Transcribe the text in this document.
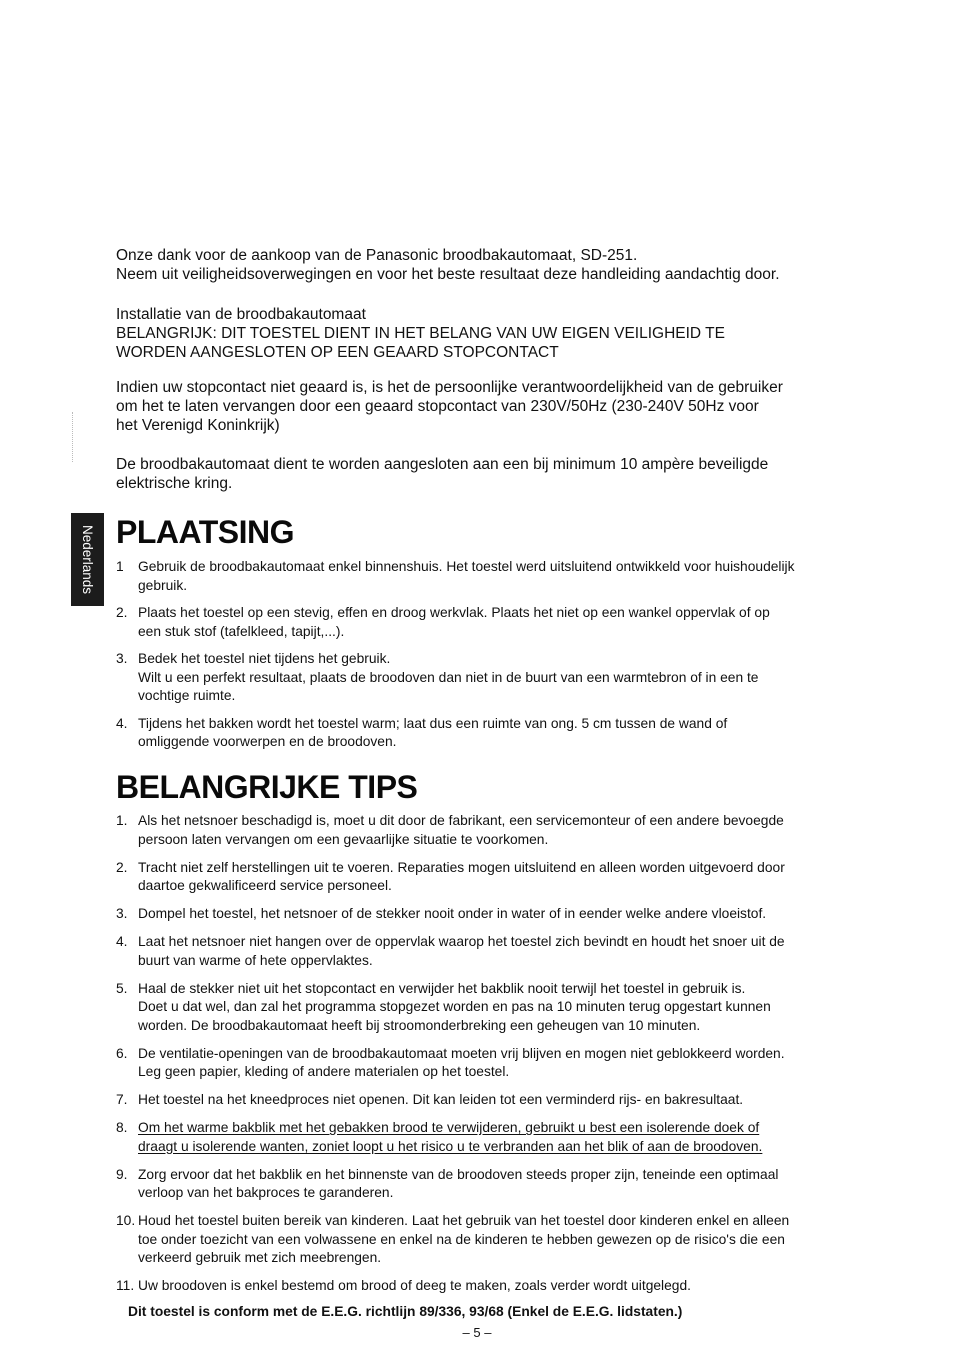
Onze dank voor de aankoop van de Panasonic broodbakautomaat, SD-251.

Neem uit veiligheidsoverwegingen en voor het beste resultaat deze handleiding aandachtig door.

Installatie van de broodbakautomaat

BELANGRIJK: DIT TOESTEL DIENT IN HET BELANG VAN UW EIGEN VEILIGHEID TE

WORDEN AANGESLOTEN OP EEN GEAARD STOPCONTACT

Indien uw stopcontact niet geaard is, is het de persoonlijke verantwoordelijkheid van de gebruiker

om het te laten vervangen door een geaard stopcontact van 230V/50Hz (230-240V 50Hz voor

het Verenigd Koninkrijk)

De broodbakautomaat dient te worden aangesloten aan een bij minimum 10 ampère beveiligde

elektrische kring.

Nederlands PLAATSING
1	Gebruik de broodbakautomaat enkel binnenshuis. Het toestel werd uitsluitend ontwikkeld voor huishoudelijk
gebruik.
2. Plaats het toestel op een stevig, effen en droog werkvlak. Plaats het niet op een wankel oppervlak of op
een stuk stof (tafelkleed, tapijt,...).
3. Bedek het toestel niet tijdens het gebruik.
Wilt u een perfekt resultaat, plaats de broodoven dan niet in de buurt van een warmtebron of in een te
vochtige ruimte.
4. Tijdens het bakken wordt het toestel warm; laat dus een ruimte van ong. 5 cm tussen de wand of
omliggende voorwerpen en de broodoven.
BELANGRIJKE TIPS
1. Als het netsnoer beschadigd is, moet u dit door de fabrikant, een servicemonteur of een andere bevoegde
persoon laten vervangen om een gevaarlijke situatie te voorkomen.
2. Tracht niet zelf herstellingen uit te voeren. Reparaties mogen uitsluitend en alleen worden uitgevoerd door
daartoe gekwalificeerd service personeel.
3. Dompel het toestel, het netsnoer of de stekker nooit onder in water of in eender welke andere vloeistof.
4. Laat het netsnoer niet hangen over de oppervlak waarop het toestel zich bevindt en houdt het snoer uit de
buurt van warme of hete oppervlaktes.
5. Haal de stekker niet uit het stopcontact en verwijder het bakblik nooit terwijl het toestel in gebruik is.
Doet u dat wel, dan zal het programma stopgezet worden en pas na 10 minuten terug opgestart kunnen
worden. De broodbakautomaat heeft bij stroomonderbreking een geheugen van 10 minuten.
6. De ventilatie-openingen van de broodbakautomaat moeten vrij blijven en mogen niet geblokkeerd worden.
Leg geen papier, kleding of andere materialen op het toestel.
7. Het toestel na het kneedproces niet openen. Dit kan leiden tot een verminderd rijs- en bakresultaat.
8. Om het warme bakblik met het gebakken brood te verwijderen, gebruikt u best een isolerende doek of
draagt u isolerende wanten, zoniet loopt u het risico u te verbranden aan het blik of aan de broodoven.
9. Zorg ervoor dat het bakblik en het binnenste van de broodoven steeds proper zijn, teneinde een optimaal
verloop van het bakproces te garanderen.
10. Houd het toestel buiten bereik van kinderen. Laat het gebruik van het toestel door kinderen enkel en alleen
toe onder toezicht van een volwassene en enkel na de kinderen te hebben gewezen op de risico's die een
verkeerd gebruik met zich meebrengen.
11. Uw broodoven is enkel bestemd om brood of deeg te maken, zoals verder wordt uitgelegd.

Dit toestel is conform met de E.E.G. richtlijn 89/336, 93/68 (Enkel de E.E.G. lidstaten.)

– 5 –
